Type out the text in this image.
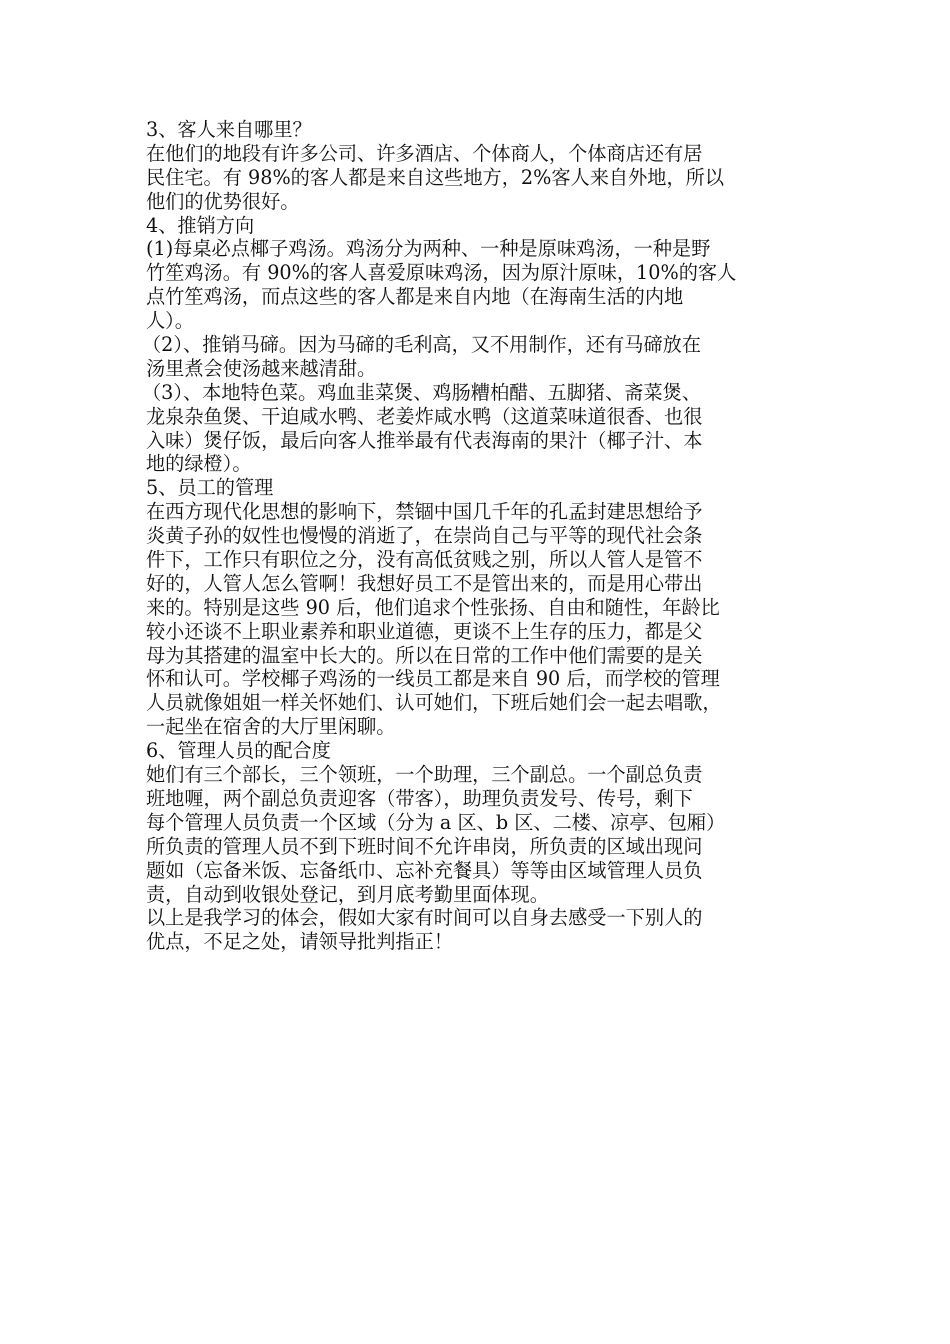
3、客人来自哪里？
在他们的地段有许多公司、许多酒店、个体商人，个体商店还有居
民住宅。有 98%的客人都是来自这些地方，2%客人来自外地，所以
他们的优势很好。
4、推销方向
(1)每桌必点椰子鸡汤。鸡汤分为两种、一种是原味鸡汤，一种是野
竹笙鸡汤。有 90%的客人喜爱原味鸡汤，因为原汁原味，10%的客人
点竹笙鸡汤，而点这些的客人都是来自内地（在海南生活的内地
人）。
（2）、推销马碲。因为马碲的毛利高，又不用制作，还有马碲放在
汤里煮会使汤越来越清甜。
（3）、本地特色菜。鸡血韭菜煲、鸡肠糟柏醋、五脚猪、斋菜煲、
龙泉杂鱼煲、干迫咸水鸭、老姜炸咸水鸭（这道菜味道很香、也很
入味）煲仔饭，最后向客人推举最有代表海南的果汁（椰子汁、本
地的绿橙）。
5、员工的管理
在西方现代化思想的影响下，禁锢中国几千年的孔孟封建思想给予
炎黄子孙的奴性也慢慢的消逝了，在崇尚自己与平等的现代社会条
件下，工作只有职位之分，没有高低贫贱之别，所以人管人是管不
好的，人管人怎么管啊！我想好员工不是管出来的，而是用心带出
来的。特别是这些 90 后，他们追求个性张扬、自由和随性，年龄比
较小还谈不上职业素养和职业道德，更谈不上生存的压力，都是父
母为其搭建的温室中长大的。所以在日常的工作中他们需要的是关
怀和认可。学校椰子鸡汤的一线员工都是来自 90 后，而学校的管理
人员就像姐姐一样关怀她们、认可她们，下班后她们会一起去唱歌，
一起坐在宿舍的大厅里闲聊。
6、管理人员的配合度
她们有三个部长，三个领班，一个助理，三个副总。一个副总负责
班地喱，两个副总负责迎客（带客），助理负责发号、传号，剩下
每个管理人员负责一个区域（分为 a 区、b 区、二楼、凉亭、包厢）
所负责的管理人员不到下班时间不允许串岗，所负责的区域出现问
题如（忘备米饭、忘备纸巾、忘补充餐具）等等由区域管理人员负
责，自动到收银处登记，到月底考勤里面体现。
以上是我学习的体会，假如大家有时间可以自身去感受一下别人的
优点，不足之处，请领导批判指正！
